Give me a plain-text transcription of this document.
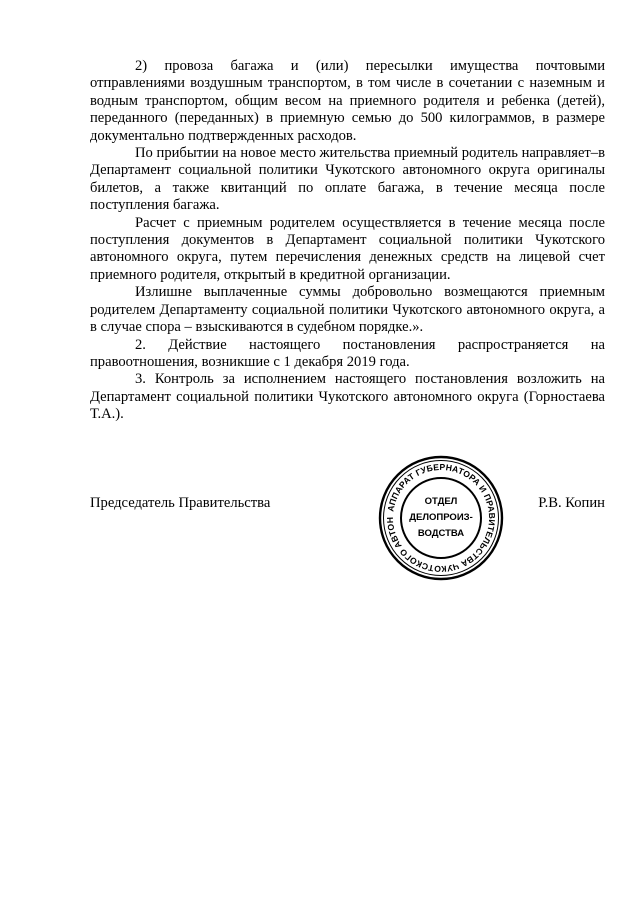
2) провоза багажа и (или) пересылки имущества почтовыми отправлениями воздушным транспортом, в том числе в сочетании с наземным и водным транспортом, общим весом на приемного родителя и ребенка (детей), переданного (переданных) в приемную семью до 500 килограммов, в размере документально подтвержденных расходов.

По прибытии на новое место жительства приемный родитель направляет–в Департамент социальной политики Чукотского автономного округа оригиналы билетов, а также квитанций по оплате багажа, в течение месяца после поступления багажа.

Расчет с приемным родителем осуществляется в течение месяца после поступления документов в Департамент социальной политики Чукотского автономного округа, путем перечисления денежных средств на лицевой счет приемного родителя, открытый в кредитной организации.

Излишне выплаченные суммы добровольно возмещаются приемным родителем Департаменту социальной политики Чукотского автономного округа, а в случае спора – взыскиваются в судебном порядке.».

2. Действие настоящего постановления распространяется на правоотношения, возникшие с 1 декабря 2019 года.

3. Контроль за исполнением настоящего постановления возложить на Департамент социальной политики Чукотского автономного округа (Горностаева Т.А.).

Председатель Правительства	Р.В. Копин
АППАРАТ ГУБЕРНАТОРА И ПРАВИТЕЛЬСТВА ЧУКОТСКОГО АВТОН
ОТДЕЛ
ДЕЛОПРОИЗ-
ВОДСТВА
